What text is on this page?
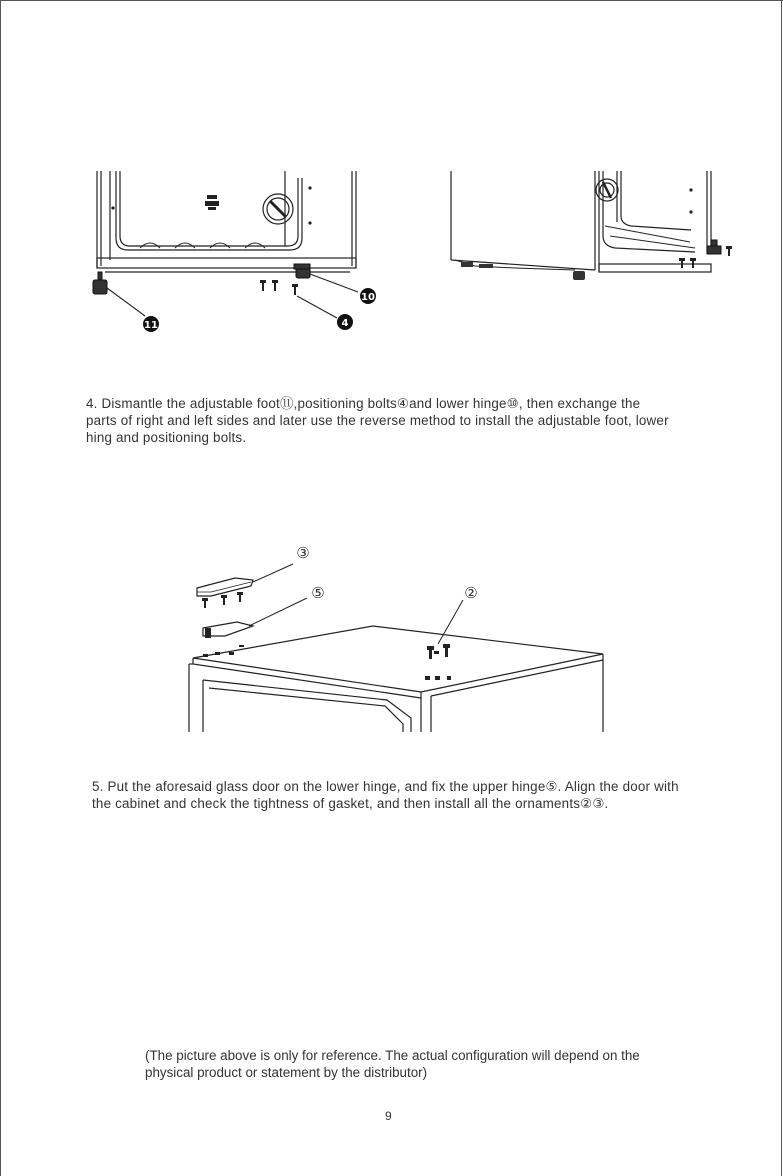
11
10
4

4. Dismantle the adjustable foot⑪,positioning bolts④and lower hinge⑩, then exchange the

parts of right and left sides and later use the reverse method to install the adjustable foot, lower

hing and positioning bolts.

③
⑤	②

5. Put the aforesaid glass door on the lower hinge, and fix the upper hinge⑤. Align the door with

the cabinet and check the tightness of gasket, and then install all the ornaments②③.

(The picture above is only for reference. The actual configuration will depend on the

physical product or statement by the distributor)

9
